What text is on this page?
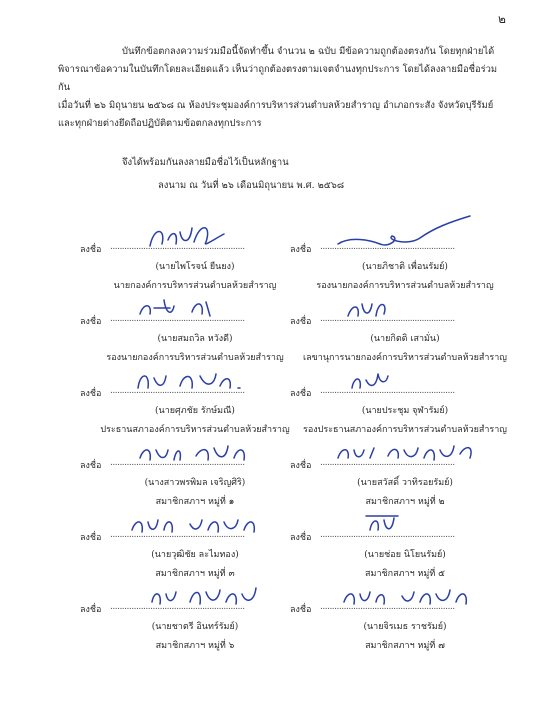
๒
บันทึกข้อตกลงความร่วมมือนี้จัดทำขึ้น จำนวน ๒ ฉบับ มีข้อความถูกต้องตรงกัน โดยทุกฝ่ายได้
พิจารณาข้อความในบันทึกโดยละเอียดแล้ว เห็นว่าถูกต้องตรงตามเจตจำนงทุกประการ โดยได้ลงลายมือชื่อร่วมกัน
เมื่อวันที่ ๒๖ มิถุนายน ๒๕๖๘ ณ ห้องประชุมองค์การบริหารส่วนตำบลห้วยสำราญ อำเภอกระสัง จังหวัดบุรีรัมย์
และทุกฝ่ายต่างยึดถือปฏิบัติตามข้อตกลงทุกประการ
จึงได้พร้อมกันลงลายมือชื่อไว้เป็นหลักฐาน
ลงนาม ณ วันที่ ๒๖ เดือนมิถุนายน พ.ศ. ๒๕๖๘
ลงชื่อ .........................................................
(นายไพโรจน์ ยืนยง)
นายกองค์การบริหารส่วนตำบลห้วยสำราญ
ลงชื่อ .........................................................
(นายภิชาติ เพื่อนรัมย์)
รองนายกองค์การบริหารส่วนตำบลห้วยสำราญ
ลงชื่อ .........................................................
(นายสมถวิล หวังดี)
รองนายกองค์การบริหารส่วนตำบลห้วยสำราญ
ลงชื่อ .........................................................
(นายกิตติ เสามั่น)
เลขานุการนายกองค์การบริหารส่วนตำบลห้วยสำราญ
ลงชื่อ .........................................................
(นายศุภชัย รักษ์มณี)
ประธานสภาองค์การบริหารส่วนตำบลห้วยสำราญ
ลงชื่อ .........................................................
(นายประชุม จุฬารัมย์)
รองประธานสภาองค์การบริหารส่วนตำบลห้วยสำราญ
ลงชื่อ .........................................................
(นางสาวพรพิมล เจริญศิริ)
สมาชิกสภาฯ หมู่ที่ ๑
ลงชื่อ .........................................................
(นายสวัสดิ์ วาทิรอยรัมย์)
สมาชิกสภาฯ หมู่ที่ ๒
ลงชื่อ .........................................................
(นายวุฒิชัย ละไมทอง)
สมาชิกสภาฯ หมู่ที่ ๓
ลงชื่อ .........................................................
(นายช่อย นิโยนรัมย์)
สมาชิกสภาฯ หมู่ที่ ๕
ลงชื่อ .........................................................
(นายชาตรี อินทร์รัมย์)
สมาชิกสภาฯ หมู่ที่ ๖
ลงชื่อ .........................................................
(นายจิรเมธ ราชรัมย์)
สมาชิกสภาฯ หมู่ที่ ๗
